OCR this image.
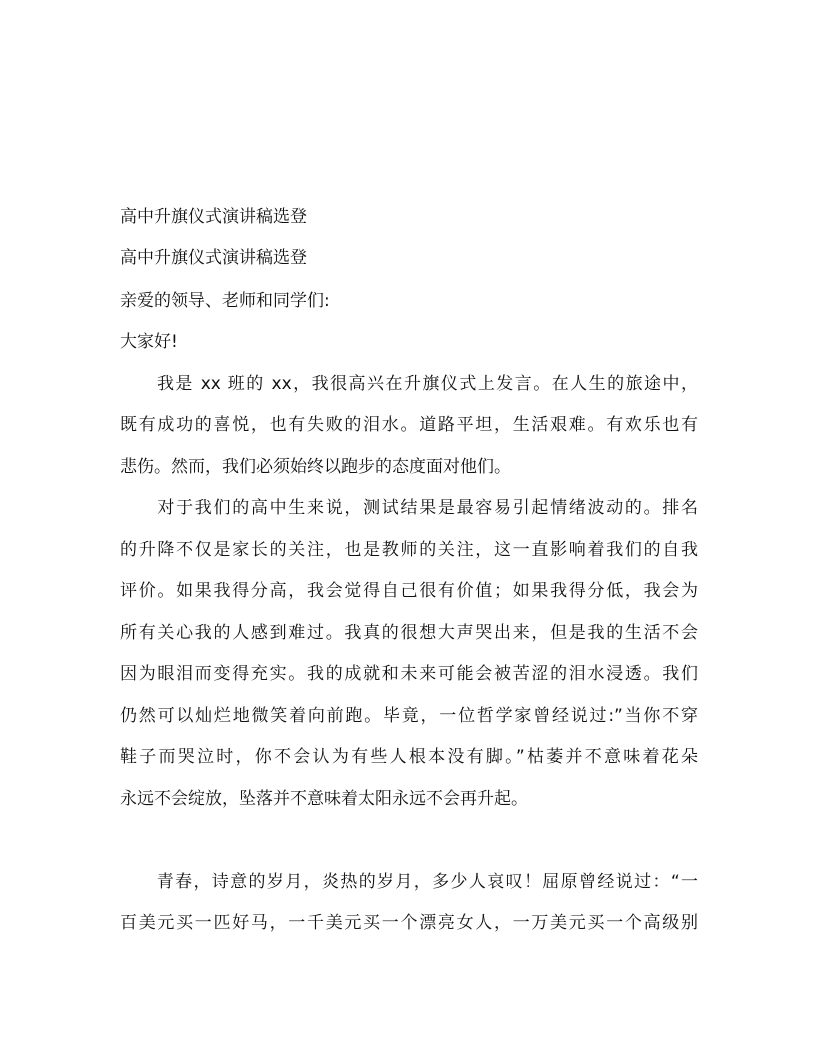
高中升旗仪式演讲稿选登
高中升旗仪式演讲稿选登
亲爱的领导、老师和同学们:
大家好!
　　我是 xx 班的 xx，我很高兴在升旗仪式上发言。在人生的旅途中，
既有成功的喜悦，也有失败的泪水。道路平坦，生活艰难。有欢乐也有
悲伤。然而，我们必须始终以跑步的态度面对他们。
　　对于我们的高中生来说，测试结果是最容易引起情绪波动的。排名
的升降不仅是家长的关注，也是教师的关注，这一直影响着我们的自我
评价。如果我得分高，我会觉得自己很有价值；如果我得分低，我会为
所有关心我的人感到难过。我真的很想大声哭出来，但是我的生活不会
因为眼泪而变得充实。我的成就和未来可能会被苦涩的泪水浸透。我们
仍然可以灿烂地微笑着向前跑。毕竟，一位哲学家曾经说过:”当你不穿
鞋子而哭泣时，你不会认为有些人根本没有脚。”枯萎并不意味着花朵
永远不会绽放，坠落并不意味着太阳永远不会再升起。
　　青春，诗意的岁月，炎热的岁月，多少人哀叹！屈原曾经说过：“一
百美元买一匹好马，一千美元买一个漂亮女人，一万美元买一个高级别
